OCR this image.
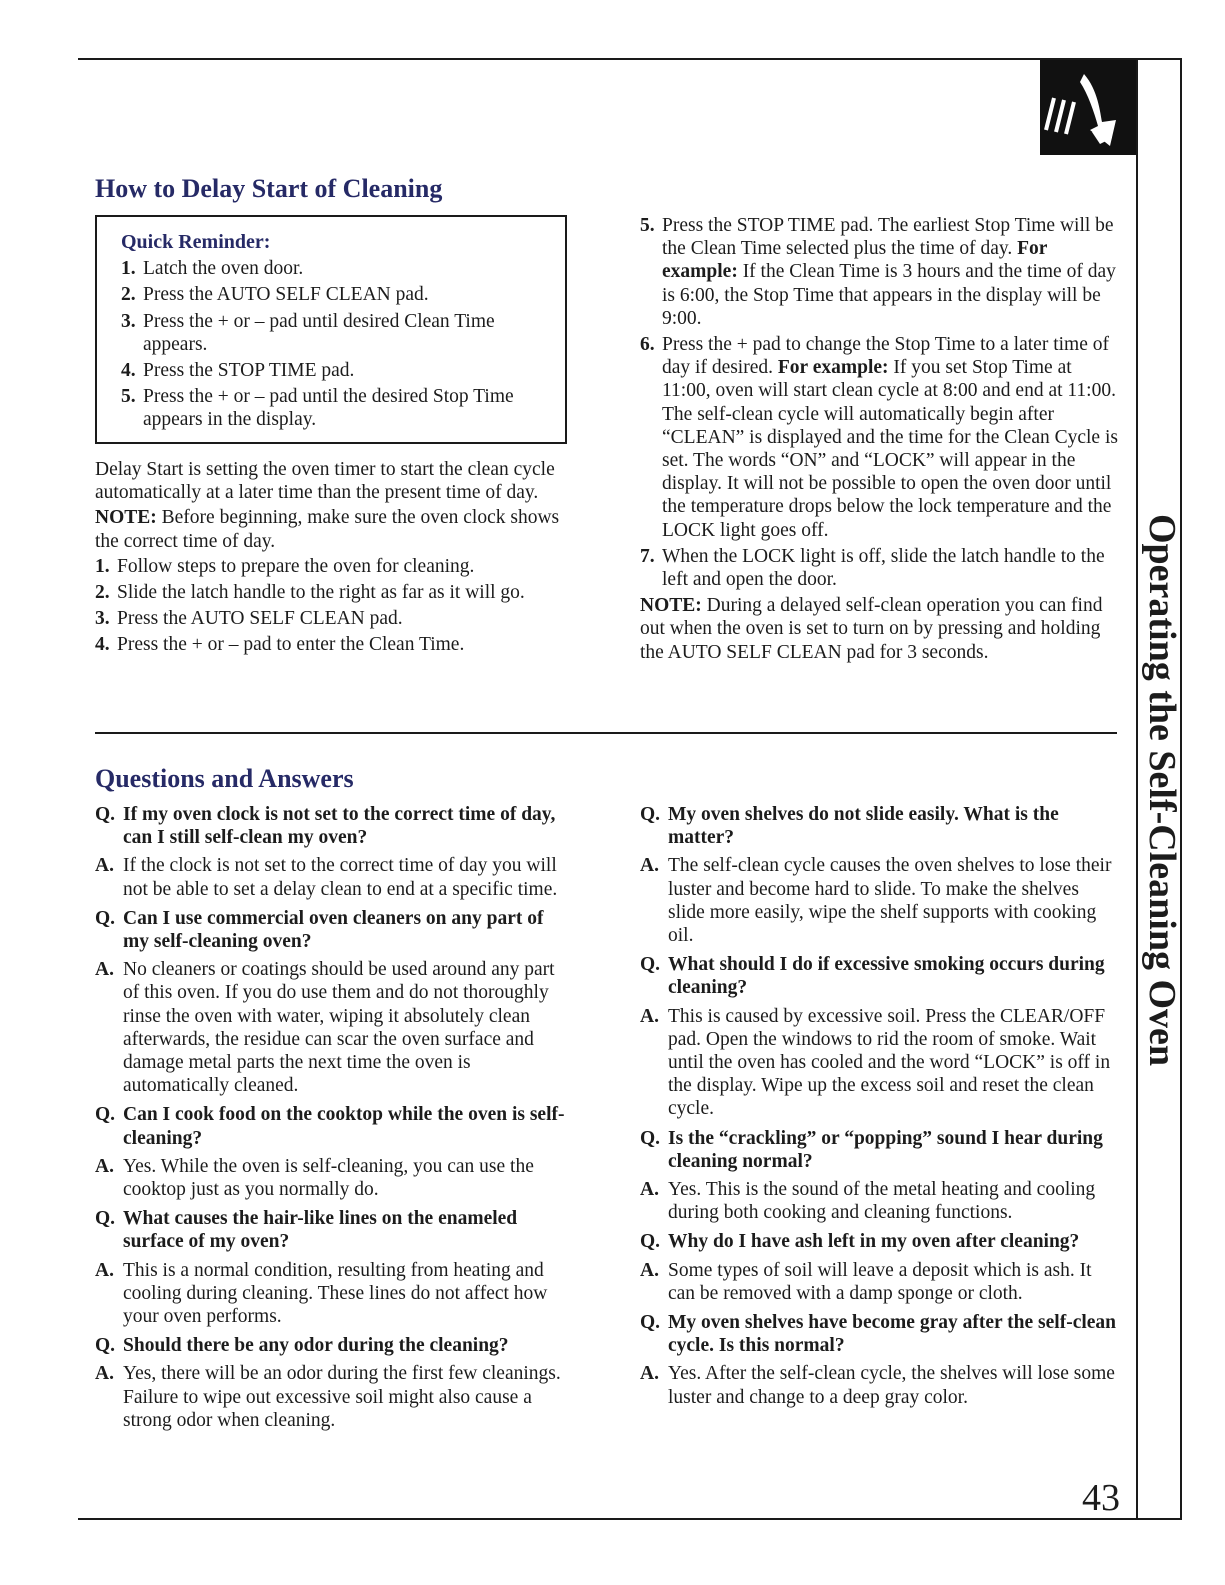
How to Delay Start of Cleaning
Quick Reminder:
1. Latch the oven door.
2. Press the AUTO SELF CLEAN pad.
3. Press the + or – pad until desired Clean Time appears.
4. Press the STOP TIME pad.
5. Press the + or – pad until the desired Stop Time appears in the display.

Delay Start is setting the oven timer to start the clean cycle automatically at a later time than the present time of day.

NOTE: Before beginning, make sure the oven clock shows the correct time of day.

1. Follow steps to prepare the oven for cleaning.
2. Slide the latch handle to the right as far as it will go.
3. Press the AUTO SELF CLEAN pad.
4. Press the + or – pad to enter the Clean Time.
5. Press the STOP TIME pad. The earliest Stop Time will be the Clean Time selected plus the time of day. For example: If the Clean Time is 3 hours and the time of day is 6:00, the Stop Time that appears in the display will be 9:00.
6. Press the + pad to change the Stop Time to a later time of day if desired. For example: If you set Stop Time at 11:00, oven will start clean cycle at 8:00 and end at 11:00.
The self-clean cycle will automatically begin after “CLEAN” is displayed and the time for the Clean Cycle is set. The words “ON” and “LOCK” will appear in the display. It will not be possible to open the oven door until the temperature drops below the lock temperature and the LOCK light goes off.
7. When the LOCK light is off, slide the latch handle to the left and open the door.

NOTE: During a delayed self-clean operation you can find out when the oven is set to turn on by pressing and holding the AUTO SELF CLEAN pad for 3 seconds.

Questions and Answers
Q. If my oven clock is not set to the correct time of day, can I still self-clean my oven?
A. If the clock is not set to the correct time of day you will not be able to set a delay clean to end at a specific time.
Q. Can I use commercial oven cleaners on any part of my self-cleaning oven?
A. No cleaners or coatings should be used around any part of this oven. If you do use them and do not thoroughly rinse the oven with water, wiping it absolutely clean afterwards, the residue can scar the oven surface and damage metal parts the next time the oven is automatically cleaned.
Q. Can I cook food on the cooktop while the oven is self-cleaning?
A. Yes. While the oven is self-cleaning, you can use the cooktop just as you normally do.
Q. What causes the hair-like lines on the enameled surface of my oven?
A. This is a normal condition, resulting from heating and cooling during cleaning. These lines do not affect how your oven performs.
Q. Should there be any odor during the cleaning?
A. Yes, there will be an odor during the first few cleanings. Failure to wipe out excessive soil might also cause a strong odor when cleaning.
Q. My oven shelves do not slide easily. What is the matter?
A. The self-clean cycle causes the oven shelves to lose their luster and become hard to slide. To make the shelves slide more easily, wipe the shelf supports with cooking oil.
Q. What should I do if excessive smoking occurs during cleaning?
A. This is caused by excessive soil. Press the CLEAR/OFF pad. Open the windows to rid the room of smoke. Wait until the oven has cooled and the word “LOCK” is off in the display. Wipe up the excess soil and reset the clean cycle.
Q. Is the “crackling” or “popping” sound I hear during cleaning normal?
A. Yes. This is the sound of the metal heating and cooling during both cooking and cleaning functions.
Q. Why do I have ash left in my oven after cleaning?
A. Some types of soil will leave a deposit which is ash. It can be removed with a damp sponge or cloth.
Q. My oven shelves have become gray after the self-clean cycle. Is this normal?
A. Yes. After the self-clean cycle, the shelves will lose some luster and change to a deep gray color.
Operating the Self-Cleaning Oven
43
